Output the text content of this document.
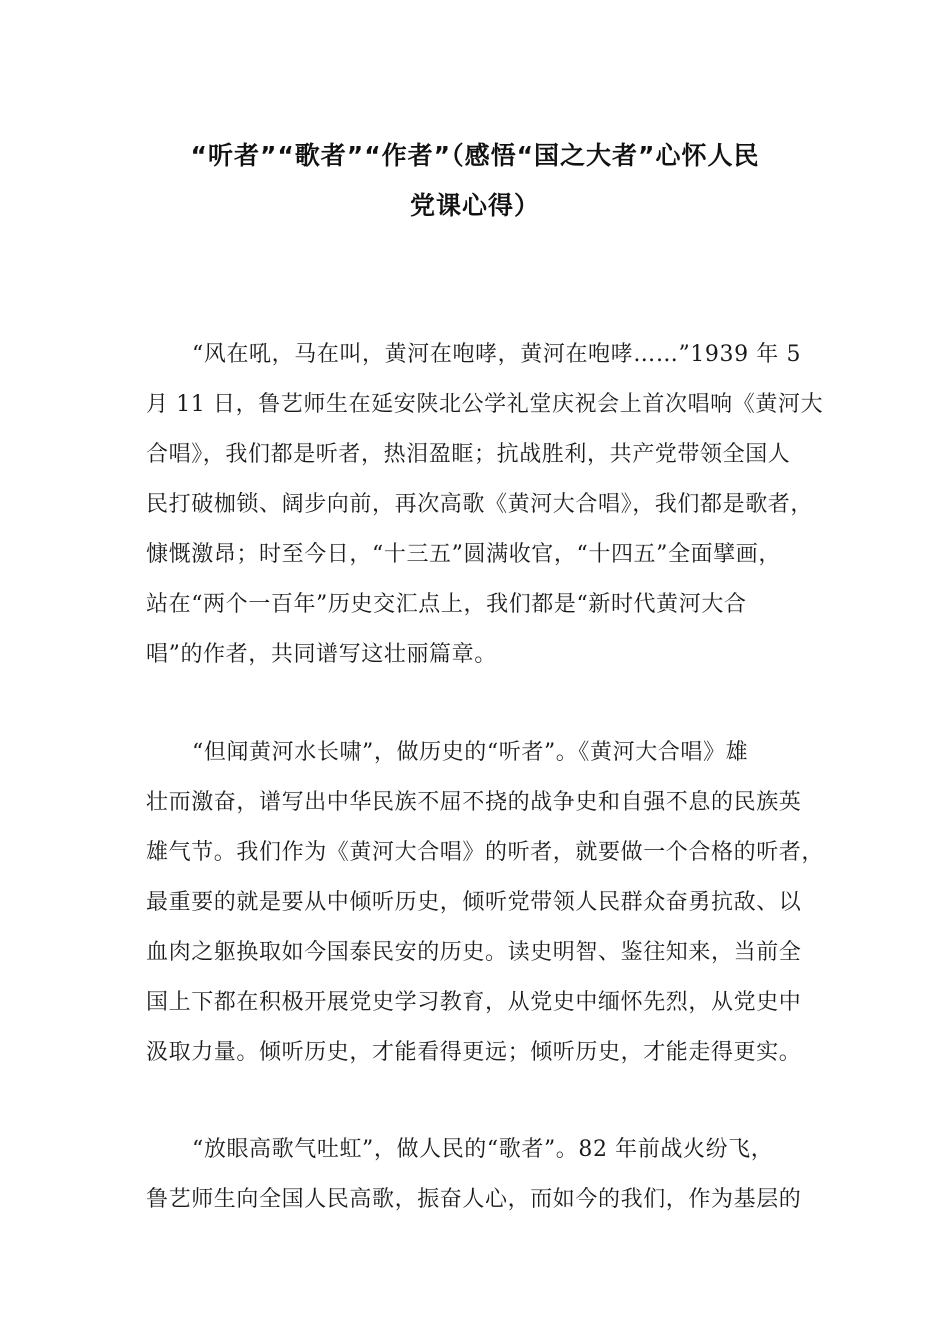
“听者”“歌者”“作者”（感悟“国之大者”心怀人民
党课心得）
“风在吼，马在叫，黄河在咆哮，黄河在咆哮……”1939 年 5
月 11 日，鲁艺师生在延安陕北公学礼堂庆祝会上首次唱响《黄河大
合唱》，我们都是听者，热泪盈眶；抗战胜利，共产党带领全国人
民打破枷锁、阔步向前，再次高歌《黄河大合唱》，我们都是歌者，
慷慨激昂；时至今日，“十三五”圆满收官，“十四五”全面擘画，
站在“两个一百年”历史交汇点上，我们都是“新时代黄河大合
唱”的作者，共同谱写这壮丽篇章。
“但闻黄河水长啸”，做历史的“听者”。《黄河大合唱》雄
壮而激奋，谱写出中华民族不屈不挠的战争史和自强不息的民族英
雄气节。我们作为《黄河大合唱》的听者，就要做一个合格的听者，
最重要的就是要从中倾听历史，倾听党带领人民群众奋勇抗敌、以
血肉之躯换取如今国泰民安的历史。读史明智、鉴往知来，当前全
国上下都在积极开展党史学习教育，从党史中缅怀先烈，从党史中
汲取力量。倾听历史，才能看得更远；倾听历史，才能走得更实。
“放眼高歌气吐虹”，做人民的“歌者”。82 年前战火纷飞，
鲁艺师生向全国人民高歌，振奋人心，而如今的我们，作为基层的
